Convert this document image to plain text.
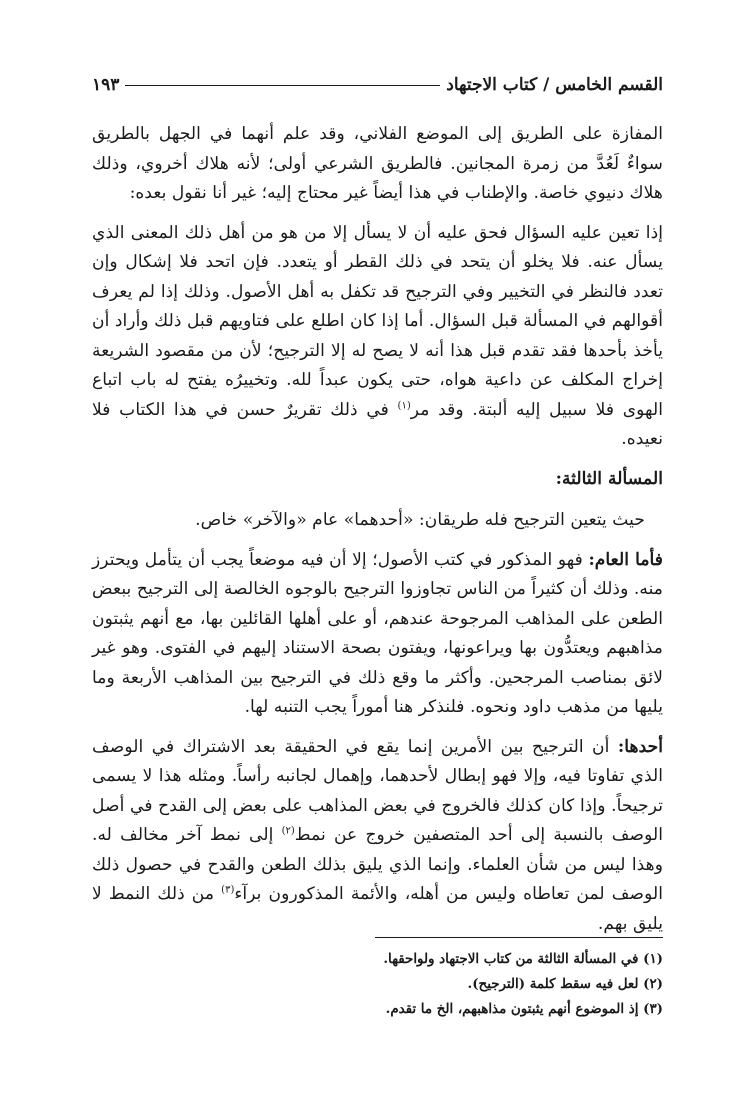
القسم الخامس / كتاب الاجتهاد
١٩٣

المفازة على الطريق إلى الموضع الفلاني، وقد علم أنهما في الجهل بالطريق سواءٌ لَعُدَّ من زمرة المجانين. فالطريق الشرعي أولى؛ لأنه هلاك أخروي، وذلك هلاك دنيوي خاصة. والإطناب في هذا أيضاً غير محتاج إليه؛ غير أنا نقول بعده:

إذا تعين عليه السؤال فحق عليه أن لا يسأل إلا من هو من أهل ذلك المعنى الذي يسأل عنه. فلا يخلو أن يتحد في ذلك القطر أو يتعدد. فإن اتحد فلا إشكال وإن تعدد فالنظر في التخيير وفي الترجيح قد تكفل به أهل الأصول. وذلك إذا لم يعرف أقوالهم في المسألة قبل السؤال. أما إذا كان اطلع على فتاويهم قبل ذلك وأراد أن يأخذ بأحدها فقد تقدم قبل هذا أنه لا يصح له إلا الترجيح؛ لأن من مقصود الشريعة إخراج المكلف عن داعية هواه، حتى يكون عبداً لله. وتخييرُه يفتح له باب اتباع الهوى فلا سبيل إليه ألبتة. وقد مر$^{(١)}$ في ذلك تقريرٌ حسن في هذا الكتاب فلا نعيده.

المسألة الثالثة:

حيث يتعين الترجيح فله طريقان: «أحدهما» عام «والآخر» خاص.

فأما العام: فهو المذكور في كتب الأصول؛ إلا أن فيه موضعاً يجب أن يتأمل ويحترز منه. وذلك أن كثيراً من الناس تجاوزوا الترجيح بالوجوه الخالصة إلى الترجيح ببعض الطعن على المذاهب المرجوحة عندهم، أو على أهلها القائلين بها، مع أنهم يثبتون مذاهبهم ويعتدُّون بها ويراعونها، ويفتون بصحة الاستناد إليهم في الفتوى. وهو غير لائق بمناصب المرجحين. وأكثر ما وقع ذلك في الترجيح بين المذاهب الأربعة وما يليها من مذهب داود ونحوه. فلنذكر هنا أموراً يجب التنبه لها.

أحدها: أن الترجيح بين الأمرين إنما يقع في الحقيقة بعد الاشتراك في الوصف الذي تفاوتا فيه، وإلا فهو إبطال لأحدهما، وإهمال لجانبه رأساً. ومثله هذا لا يسمى ترجيحاً. وإذا كان كذلك فالخروج في بعض المذاهب على بعض إلى القدح في أصل الوصف بالنسبة إلى أحد المتصفين خروج عن نمط$^{(٢)}$ إلى نمط آخر مخالف له. وهذا ليس من شأن العلماء. وإنما الذي يليق بذلك الطعن والقدح في حصول ذلك الوصف لمن تعاطاه وليس من أهله، والأئمة المذكورون برآء$^{(٣)}$ من ذلك النمط لا يليق بهم.

(١) في المسألة الثالثة من كتاب الاجتهاد ولواحقها.
(٢) لعل فيه سقط كلمة (الترجيح).
(٣) إذ الموضوع أنهم يثبتون مذاهبهم، الخ ما تقدم.
